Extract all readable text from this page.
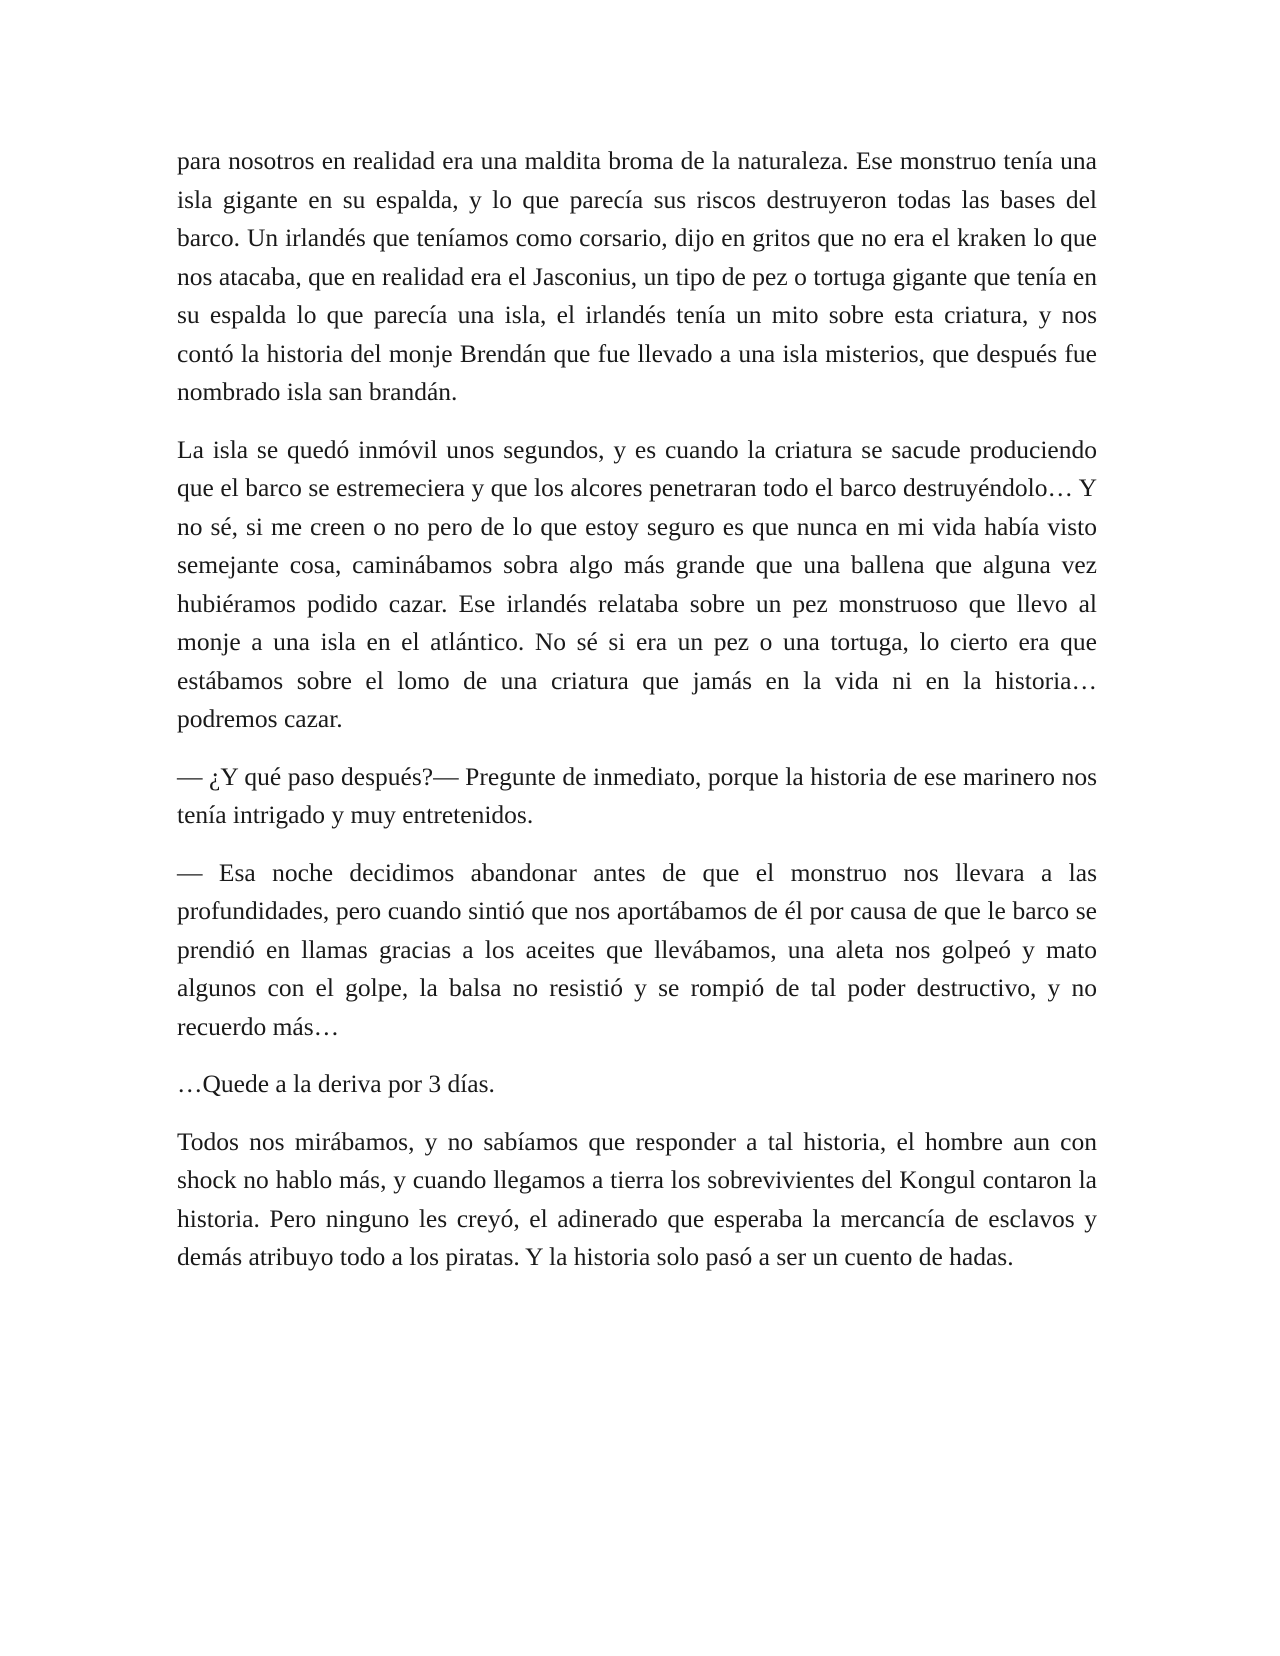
para nosotros en realidad era una maldita broma de la naturaleza. Ese monstruo tenía una isla gigante en su espalda, y lo que parecía sus riscos destruyeron todas las bases del barco. Un irlandés que teníamos como corsario, dijo en gritos que no era el kraken lo que nos atacaba, que en realidad era el Jasconius, un tipo de pez o tortuga gigante que tenía en su espalda lo que parecía una isla, el irlandés tenía un mito sobre esta criatura, y nos contó la historia del monje Brendán que fue llevado a una isla misterios, que después fue nombrado isla san brandán.

La isla se quedó inmóvil unos segundos, y es cuando la criatura se sacude produciendo que el barco se estremeciera y que los alcores penetraran todo el barco destruyéndolo… Y no sé, si me creen o no pero de lo que estoy seguro es que nunca en mi vida había visto semejante cosa, caminábamos sobra algo más grande que una ballena que alguna vez hubiéramos podido cazar. Ese irlandés relataba sobre un pez monstruoso que llevo al monje a una isla en el atlántico. No sé si era un pez o una tortuga, lo cierto era que estábamos sobre el lomo de una criatura que jamás en la vida ni en la historia… podremos cazar.

— ¿Y qué paso después?— Pregunte de inmediato, porque la historia de ese marinero nos tenía intrigado y muy entretenidos.

— Esa noche decidimos abandonar antes de que el monstruo nos llevara a las profundidades, pero cuando sintió que nos aportábamos de él por causa de que le barco se prendió en llamas gracias a los aceites que llevábamos, una aleta nos golpeó y mato algunos con el golpe, la balsa no resistió y se rompió de tal poder destructivo, y no recuerdo más…

…Quede a la deriva por 3 días.

Todos nos mirábamos, y no sabíamos que responder a tal historia, el hombre aun con shock no hablo más, y cuando llegamos a tierra los sobrevivientes del Kongul contaron la historia. Pero ninguno les creyó, el adinerado que esperaba la mercancía de esclavos y demás atribuyo todo a los piratas. Y la historia solo pasó a ser un cuento de hadas.
